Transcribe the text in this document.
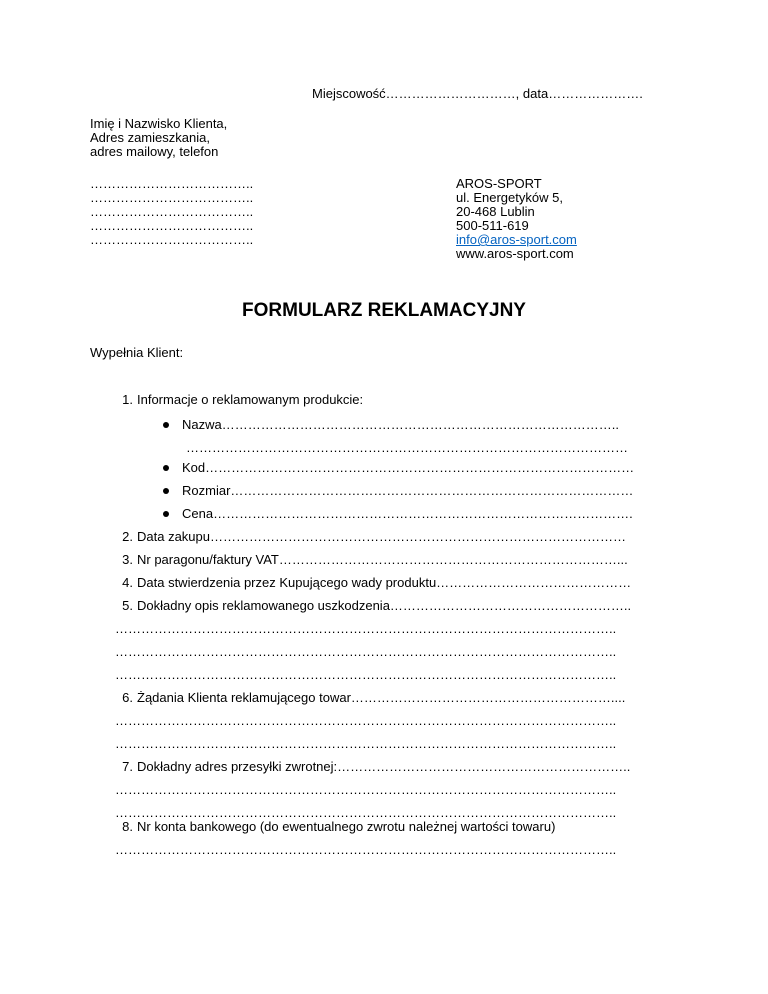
Miejscowość…………………………, data………………….
Imię i Nazwisko Klienta,
Adres zamieszkania,
adres mailowy, telefon
………………………………..
………………………………..
………………………………..
………………………………..
………………………………..
AROS-SPORT
ul. Energetyków 5,
20-468 Lublin
500-511-619
info@aros-sport.com
www.aros-sport.com
FORMULARZ REKLAMACYJNY
Wypełnia Klient:
1. Informacje o reklamowanym produkcie:
Nazwa………………………………………………………………………………..
…………………………………………………………………………………………
Kod………………………………………………………………………………………
Rozmiar…………………………………………………………………………………
Cena…………………………………………………………………………………….
2. Data zakupu……………………………………………………………………………………
3. Nr paragonu/faktury VAT……………………………………………………………………...
4. Data stwierdzenia przez Kupującego wady produktu………………………………………
5. Dokładny opis reklamowanego uszkodzenia………………………………………………..
……………………………………………………………………………………………………..
……………………………………………………………………………………………………..
……………………………………………………………………………………………………..
6. Żądania Klienta reklamującego towar……………………………………………………....
……………………………………………………………………………………………………..
……………………………………………………………………………………………………..
7. Dokładny adres przesyłki zwrotnej:…………………………………………………………..
……………………………………………………………………………………………………..
……………………………………………………………………………………………………..
8. Nr konta bankowego (do ewentualnego zwrotu należnej wartości towaru)
……………………………………………………………………………………………………..
